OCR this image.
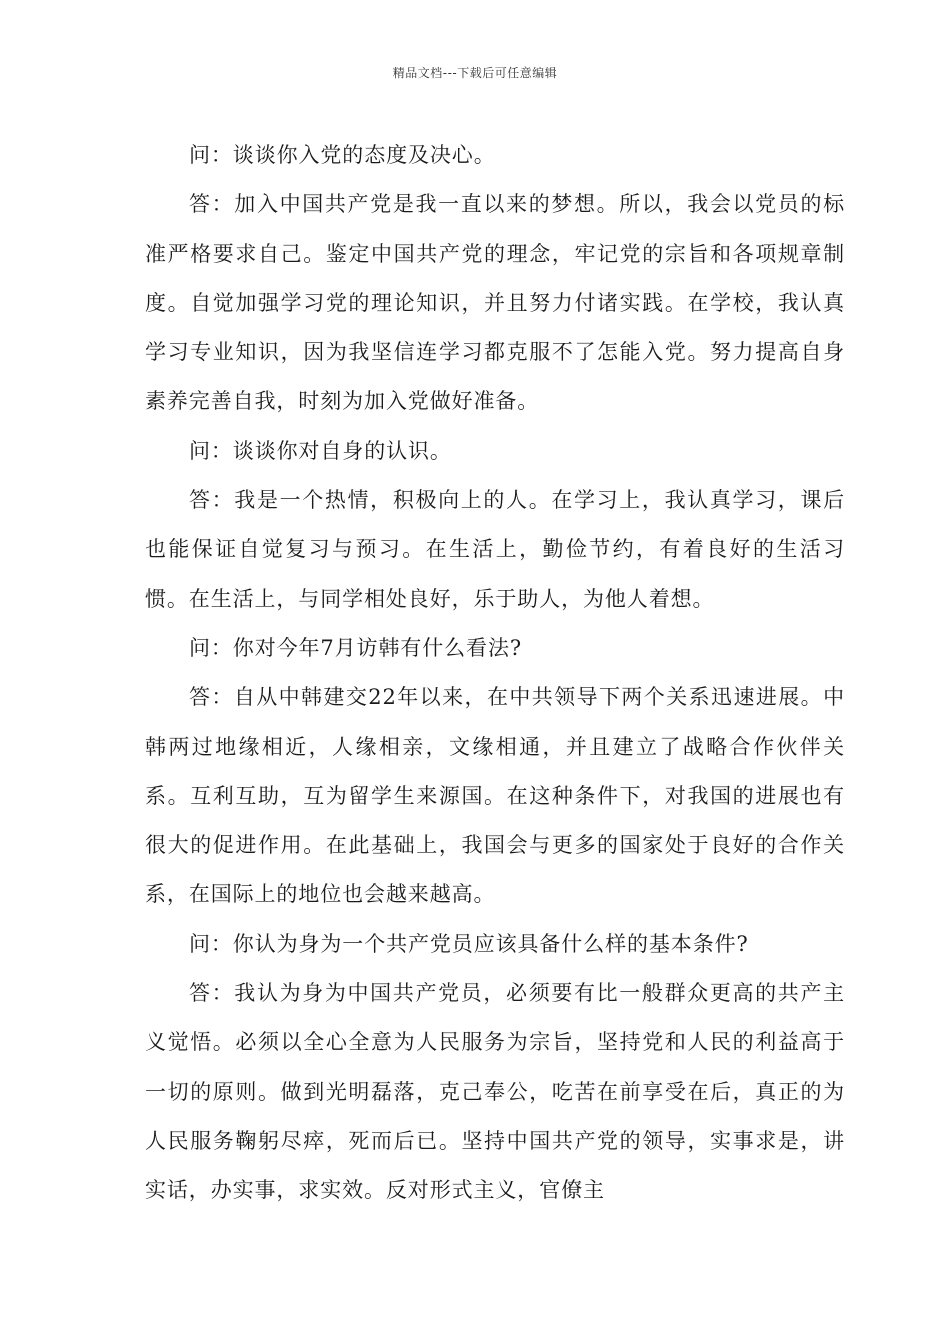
精品文档---下载后可任意编辑

问：谈谈你入党的态度及决心。

答：加入中国共产党是我一直以来的梦想。所以，我会以党员的标准严格要求自己。鉴定中国共产党的理念，牢记党的宗旨和各项规章制度。自觉加强学习党的理论知识，并且努力付诸实践。在学校，我认真学习专业知识，因为我坚信连学习都克服不了怎能入党。努力提高自身素养完善自我，时刻为加入党做好准备。

问：谈谈你对自身的认识。

答：我是一个热情，积极向上的人。在学习上，我认真学习，课后也能保证自觉复习与预习。在生活上，勤俭节约，有着良好的生活习惯。在生活上，与同学相处良好，乐于助人，为他人着想。

问：你对今年7月访韩有什么看法?

答：自从中韩建交22年以来，在中共领导下两个关系迅速进展。中韩两过地缘相近，人缘相亲，文缘相通，并且建立了战略合作伙伴关系。互利互助，互为留学生来源国。在这种条件下，对我国的进展也有很大的促进作用。在此基础上，我国会与更多的国家处于良好的合作关系，在国际上的地位也会越来越高。

问：你认为身为一个共产党员应该具备什么样的基本条件?

答：我认为身为中国共产党员，必须要有比一般群众更高的共产主义觉悟。必须以全心全意为人民服务为宗旨，坚持党和人民的利益高于一切的原则。做到光明磊落，克己奉公，吃苦在前享受在后，真正的为人民服务鞠躬尽瘁，死而后已。坚持中国共产党的领导，实事求是，讲实话，办实事，求实效。反对形式主义，官僚主
